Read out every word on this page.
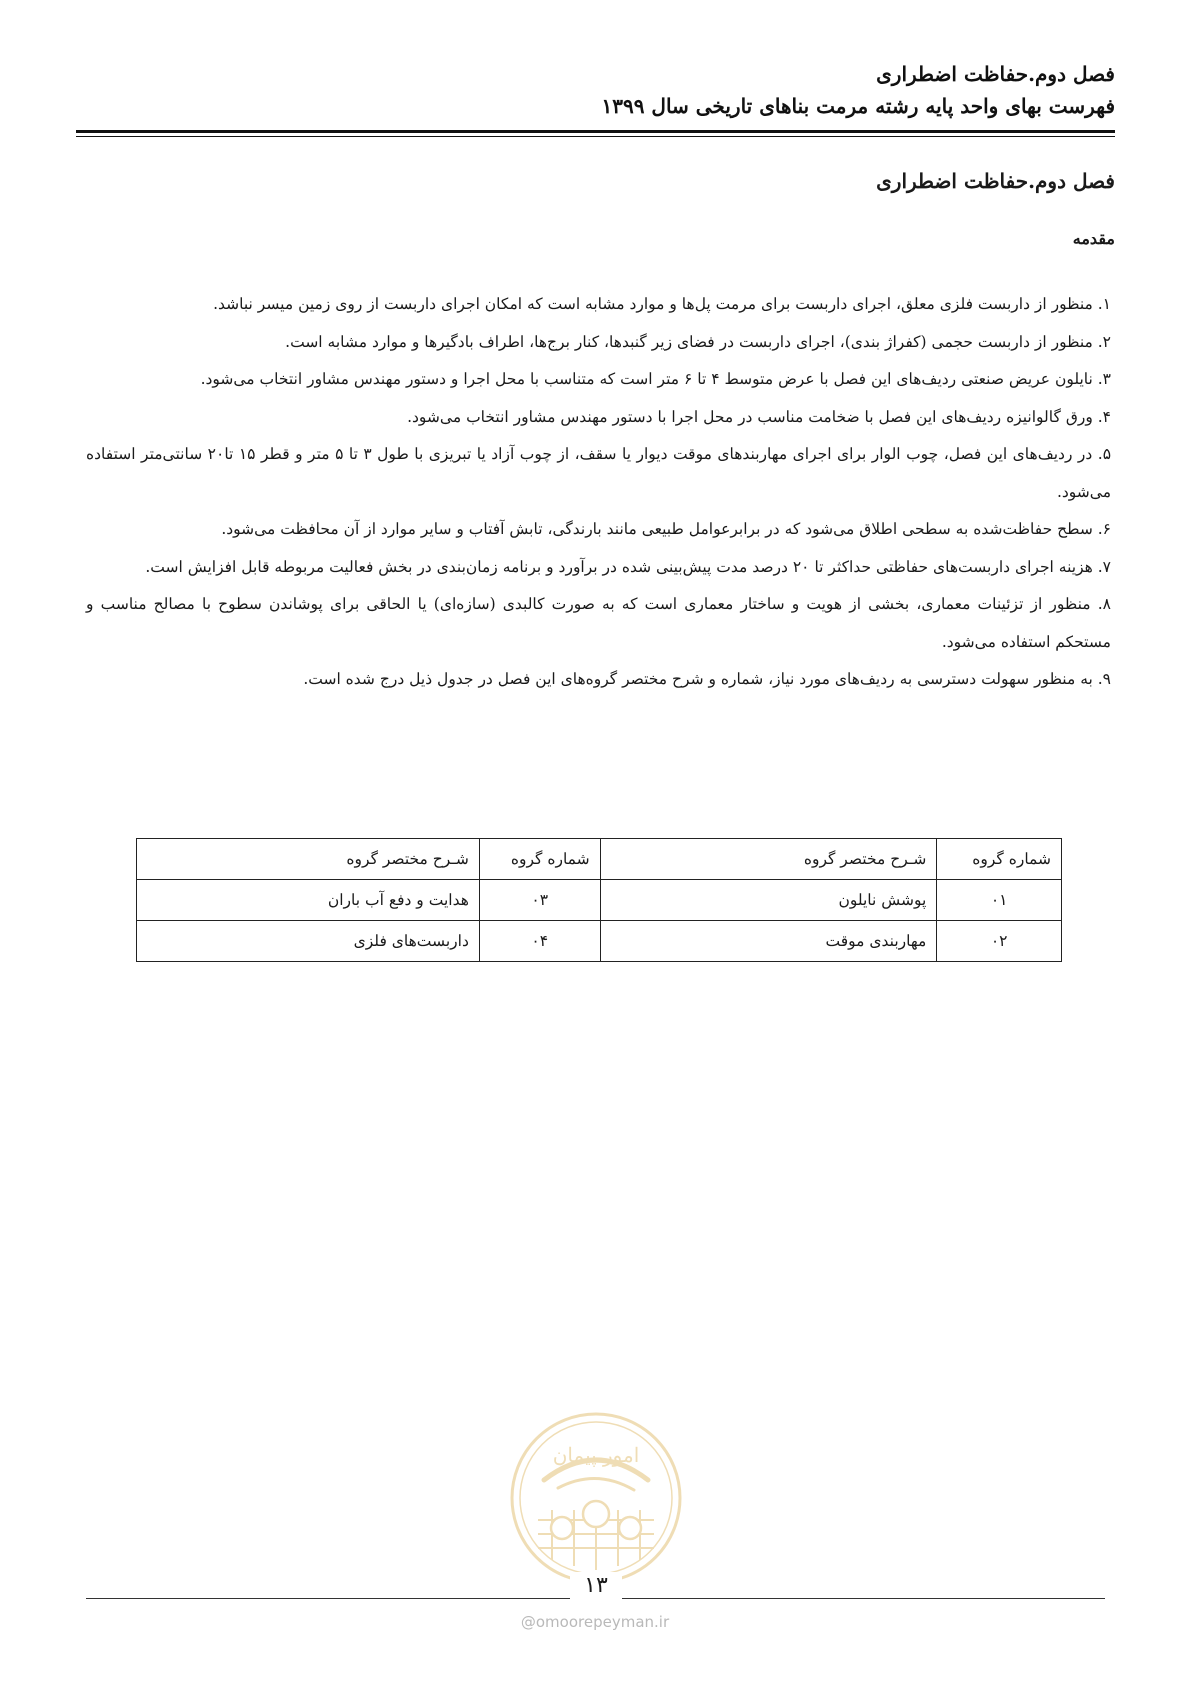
فصل دوم.حفاظت اضطراری
فهرست بهای واحد پایه رشته مرمت بناهای تاریخی سال ۱۳۹۹
فصل دوم.حفاظت اضطراری
مقدمه

۱. منظور از داربست فلزی معلق، اجرای داربست برای مرمت پل‌ها و موارد مشابه است که امکان اجرای داربست از روی زمین میسر نباشد.

۲. منظور از داربست حجمی (کفراژ بندی)، اجرای داربست در فضای زیر گنبدها، کنار برج‌ها، اطراف بادگیرها و موارد مشابه است.

۳. نایلون عریض صنعتی ردیف‌های این فصل با عرض متوسط ۴ تا ۶ متر است که متناسب با محل اجرا و دستور مهندس مشاور انتخاب می‌شود.

۴. ورق گالوانیزه ردیف‌های این فصل با ضخامت مناسب در محل اجرا با دستور مهندس مشاور انتخاب می‌شود.

۵. در ردیف‌های این فصل، چوب الوار برای اجرای مهاربندهای موقت دیوار یا سقف، از چوب آزاد یا تبریزی با طول ۳ تا ۵ متر و قطر ۱۵ تا۲۰ سانتی‌متر استفاده می‌شود.

۶. سطح حفاظت‌شده به سطحی اطلاق می‌شود که در برابرعوامل طبیعی مانند بارندگی، تابش آفتاب و سایر موارد از آن محافظت می‌شود.

۷. هزینه اجرای داربست‌های حفاظتی حداکثر تا ۲۰ درصد مدت پیش‌بینی شده در برآورد و برنامه زمان‌بندی در بخش فعالیت مربوطه قابل افزایش است.

۸. منظور از تزئینات معماری، بخشی از هویت و ساختار معماری است که به صورت کالبدی (سازه‌ای) یا الحاقی برای پوشاندن سطوح با مصالح مناسب و مستحکم استفاده می‌شود.

۹. به منظور سهولت دسترسی به ردیف‌های مورد نیاز، شماره و شرح مختصر گروه‌های این فصل در جدول ذیل درج شده است.

شماره گروه	شـرح مختصر گروه	شماره گروه	شـرح مختصر گروه
۰۱	پوشش نایلون	۰۳	هدایت و دفع آب باران
۰۲	مهاربندی موقت	۰۴	داربست‌های فلزی
امور پیمان
۱۳
@omoorepeyman.ir
